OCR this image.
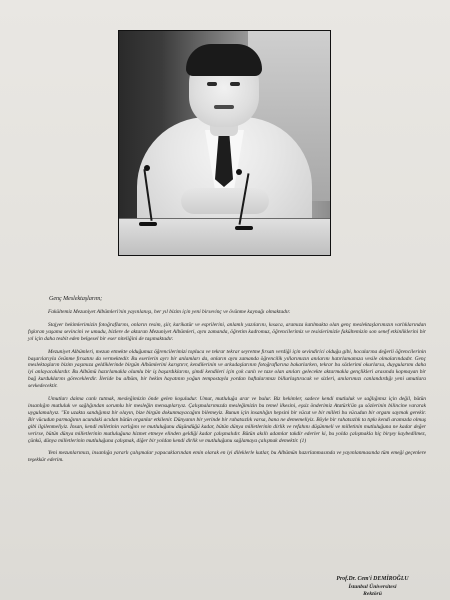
Genç Meslektaşlarım;

Fakültemiz Mezuniyet Albümleri'nin yayınlanışı, her yıl bizim için yeni birsevinç ve övünme kaynağı olmaktadır.

Stajyer hekimlerimizin fotoğraflarını, onların resim, şiir, karikatür ve esprilerini, anlamlı yazılarını, kısaca, aramıza katılmakta olan genç meslektaşlarımızın varlıklarından fışkıran yaşama sevincini ve umudu, bizlere de aktaran Mezuniyet Albümleri, aynı zamanda, öğretim kadromuz, öğrencilerimiz ve tesislerimizle fakültemizin son senef etkinliklerini bir yıl için daha tesbit eden belgesel bir eser niteliğini de taşımaktadır.

Mezuniyet Albümleri, mezun etmekte olduğumuz öğrencilerimizi topluca ve tekrar tekrar seyretme fırsatı verdiği için sevindirici olduğu gibi, hocalarına değerli öğrencilerinin başarılarıyla övünme fırsatını da vermektedir. Bu eserlerin ayrı bir anlamları da, onların aynı zamanda öğrencilik yıllarımızın anılarını hatırlamamıza vesile olmalarındadır. Genç meslektaşların bizim yaşımıza geldiklerinde birgün Albümlerini karıştırır, kendilerinin ve arkadaşlarının fotoğraflarına bakarlarken, tekrar bu sözlerimi okurlarsa, duygularımı daha iyi anlayacaklardır. Bu Albümü hazırlamakla olumlu bir iş başardıklarını, şimdi kendileri için çok canlı ve taze olan anıları gelecekte aktarmakla gençlikleri arasında kopmayan bir bağ kurduklarını göreceklerdir. İleride bu albüm, bir hekim hayatının yoğun tempostayla yordan haftalarımızı billurlaştıracak ve sizleri, anılarımızı canlandırdığı yeni umutlara sevkedecektir.

Umutları daima canlı tutmak, mesleğimizin önde gelen koşuludur. Umut, mutluluğa arar ve bulur. Biz hekimler, sadece kendi mutluluk ve sağlığımız için değil, bütün insanlığın mutluluk ve sağlığından sorumlu bir mesleğin mensuplarıyız. Çalışmalarımızda mesleğimizin bu temel ilkesini, eşsiz önderimiz Atatürk'ün şu sözlerinin bilincine vararak uygulamalıyız. "En uzakta sandığımız bir olayın, bize birgün dokunmayacağını bilemeyiz. Bunun için insanlığın hepsini bir vücut ve bir milleti bu vücudun bir organı saymak gerekir. Bir vücudun parmağının ucundaki acıdan bütün organlar etkilenir. Dünyanın bir yerinde bir rahatsızlık varsa, bana ne dememeliyiz. Böyle bir rahatsızlık ta tıpkı kendi aramızda olmuş gibi ilgilenmeliyiz. İnsan, kendi milletinin varlığını ve mutluluğunu düşündüğü kadar, bütün dünya milletlerinin dirlik ve refahını düşünmeli ve milletinin mutluluğuna ne kadar değer verirse, bütün dünya milletlerinin mutluluğuna hizmet etmeye elinden geldiği kadar çalışmalıdır. Bütün akıllı adamlar takdir ederler ki, bu yolda çalışmakla hiç birşey kaybedilmez, çünkü, dünya milletlerinin mutluluğuna çalışmak, diğer bir yoldan kendi dirlik ve mutluluğunu sağlamaya çalışmak demektir. (1)

Yeni mezunlarımızı, insanlığa yararlı çalışmalar yapacaklarından emin olarak en iyi dileklerle kutlar, bu Albümün hazırlanmasında ve yayınlanmasında tüm emeği geçenlere teşekkür ederim.

Prof.Dr. Cem'i DEMİROĞLU
İstanbul Üniversitesi
Rektörü
